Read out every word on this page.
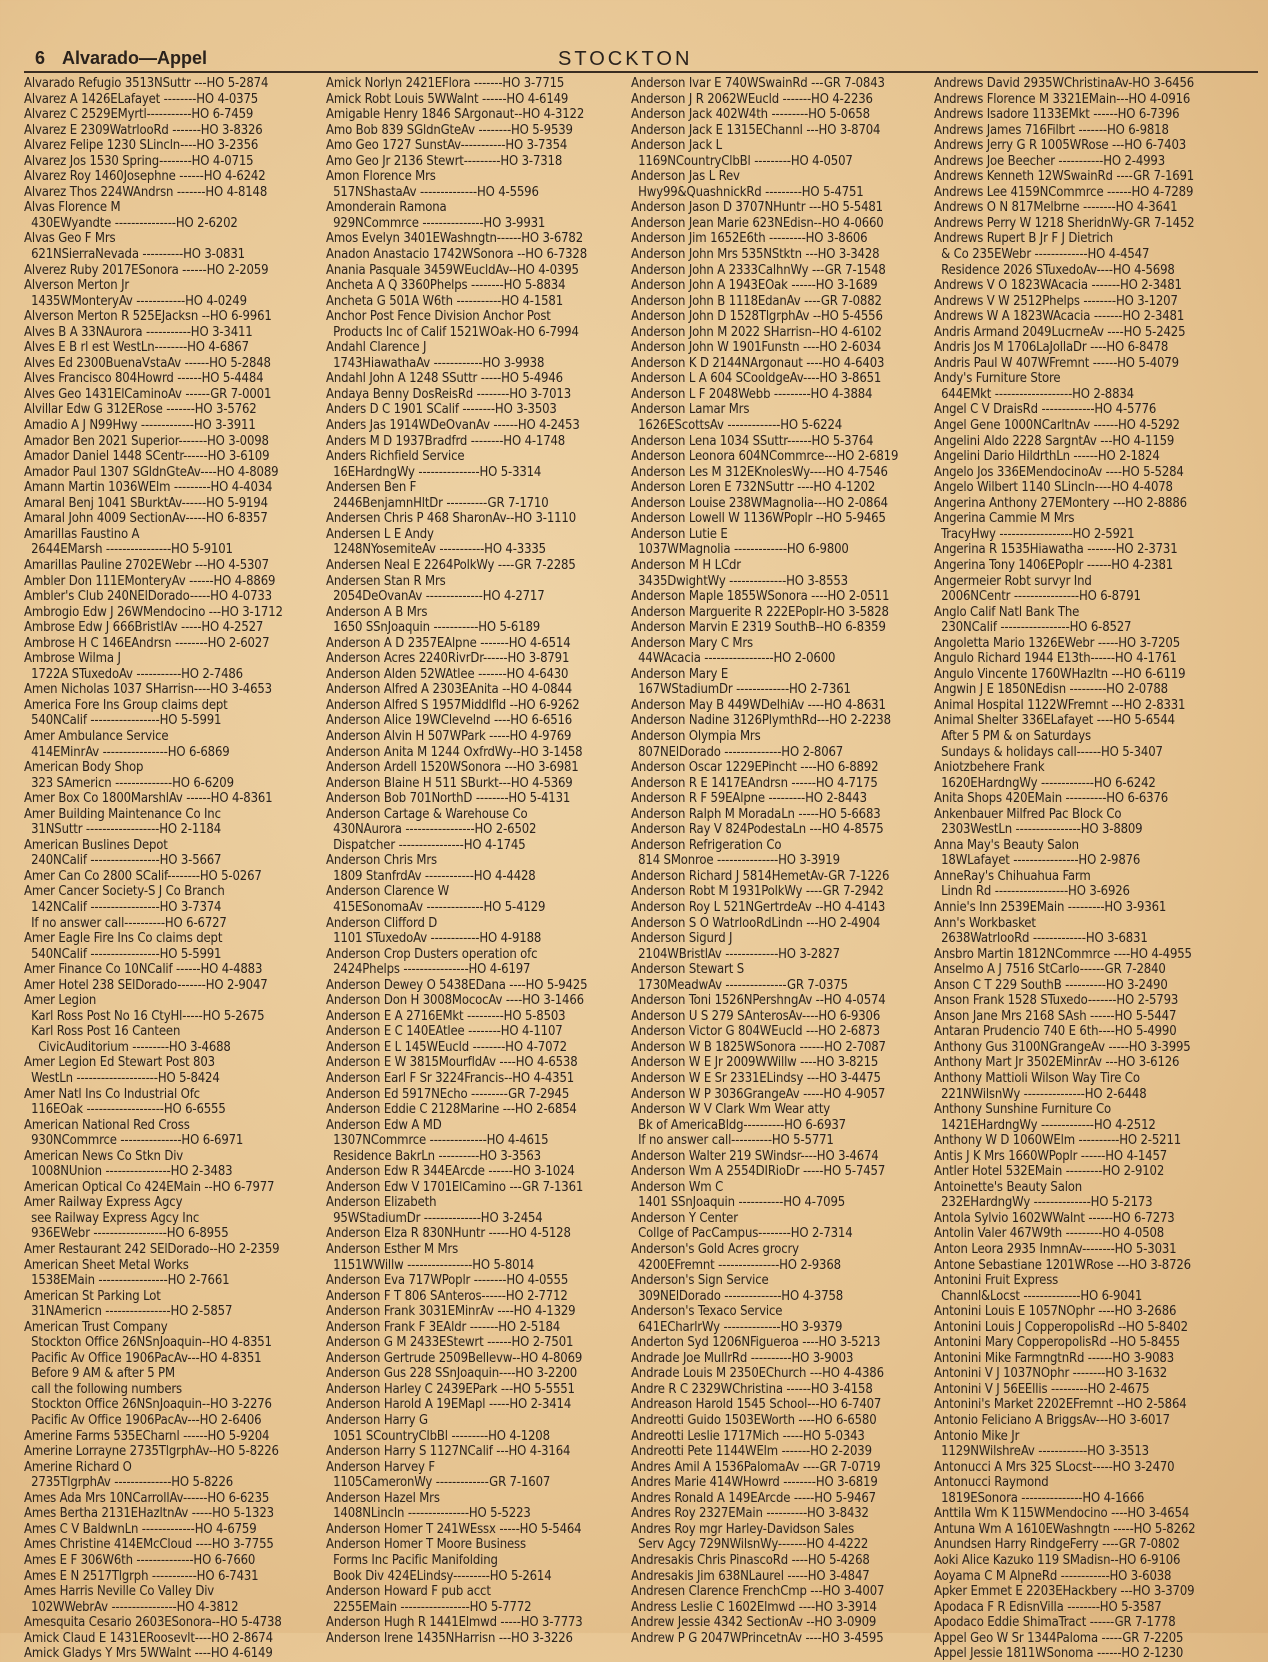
6 Alvarado—Appel	STOCKTON
Alvarado Refugio 3513NSuttr ---HO 5-2874
Alvarez A 1426ELafayet --------HO 4-0375
Alvarez C 2529EMyrtl-----------HO 6-7459
Alvarez E 2309WatrlooRd -------HO 3-8326
Alvarez Felipe 1230 SLincln----HO 3-2356
Alvarez Jos 1530 Spring--------HO 4-0715
Alvarez Roy 1460Josephne ------HO 4-6242
Alvarez Thos 224WAndrsn -------HO 4-8148
Alvas Florence M
430EWyandte ---------------HO 2-6202
Alvas Geo F Mrs
621NSierraNevada ----------HO 3-0831
Alverez Ruby 2017ESonora ------HO 2-2059
Alverson Merton Jr
1435WMonteryAv ------------HO 4-0249
Alverson Merton R 525EJacksn --HO 6-9961
Alves B A 33NAurora -----------HO 3-3411
Alves E B rl est WestLn--------HO 4-6867
Alves Ed 2300BuenaVstaAv ------HO 5-2848
Alves Francisco 804Howrd ------HO 5-4484
Alves Geo 1431ElCaminoAv ------GR 7-0001
Alvillar Edw G 312ERose -------HO 3-5762
Amadio A J N99Hwy -------------HO 3-3911
Amador Ben 2021 Superior-------HO 3-0098
Amador Daniel 1448 SCentr------HO 3-6109
Amador Paul 1307 SGldnGteAv----HO 4-8089
Amann Martin 1036WElm ---------HO 4-4034
Amaral Benj 1041 SBurktAv------HO 5-9194
Amaral John 4009 SectionAv-----HO 6-8357
Amarillas Faustino A
2644EMarsh ----------------HO 5-9101
Amarillas Pauline 2702EWebr ---HO 4-5307
Ambler Don 111EMonteryAv ------HO 4-8869
Ambler's Club 240NElDorado-----HO 4-0733
Ambrogio Edw J 26WMendocino ---HO 3-1712
Ambrose Edw J 666BristlAv -----HO 4-2527
Ambrose H C 146EAndrsn --------HO 2-6027
Ambrose Wilma J
1722A STuxedoAv -----------HO 2-7486
Amen Nicholas 1037 SHarrisn----HO 3-4653
America Fore Ins Group claims dept
540NCalif -----------------HO 5-5991
Amer Ambulance Service
414EMinrAv ----------------HO 6-6869
American Body Shop
323 SAmericn --------------HO 6-6209
Amer Box Co 1800MarshlAv ------HO 4-8361
Amer Building Maintenance Co Inc
31NSuttr ------------------HO 2-1184
American Buslines Depot
240NCalif -----------------HO 3-5667
Amer Can Co 2800 SCalif--------HO 5-0267
Amer Cancer Society-S J Co Branch
142NCalif -----------------HO 3-7374
If no answer call----------HO 6-6727
Amer Eagle Fire Ins Co claims dept
540NCalif -----------------HO 5-5991
Amer Finance Co 10NCalif ------HO 4-4883
Amer Hotel 238 SElDorado-------HO 2-9047
Amer Legion
Karl Ross Post No 16 CtyHl-----HO 5-2675
Karl Ross Post 16 Canteen
CivicAuditorium ---------HO 3-4688
Amer Legion Ed Stewart Post 803
WestLn --------------------HO 5-8424
Amer Natl Ins Co Industrial Ofc
116EOak -------------------HO 6-6555
American National Red Cross
930NCommrce ---------------HO 6-6971
American News Co Stkn Div
1008NUnion ----------------HO 2-3483
American Optical Co 424EMain --HO 6-7977
Amer Railway Express Agcy
see Railway Express Agcy Inc
936EWebr ------------------HO 6-8955
Amer Restaurant 242 SElDorado--HO 2-2359
American Sheet Metal Works
1538EMain -----------------HO 2-7661
American St Parking Lot
31NAmericn ----------------HO 2-5857
American Trust Company
Stockton Office 26NSnJoaquin--HO 4-8351
Pacific Av Office 1906PacAv---HO 4-8351
Before 9 AM & after 5 PM
call the following numbers
Stockton Office 26NSnJoaquin--HO 3-2276
Pacific Av Office 1906PacAv---HO 2-6406
Amerine Farms 535ECharnl ------HO 5-9204
Amerine Lorrayne 2735TlgrphAv--HO 5-8226
Amerine Richard O
2735TlgrphAv --------------HO 5-8226
Ames Ada Mrs 10NCarrollAv------HO 6-6235
Ames Bertha 2131EHazltnAv -----HO 5-1323
Ames C V BaldwnLn -------------HO 4-6759
Ames Christine 414EMcCloud ----HO 3-7755
Ames E F 306W6th --------------HO 6-7660
Ames E N 2517Tlgrph -----------HO 6-7431
Ames Harris Neville Co Valley Div
102WWebrAv ----------------HO 4-3812
Amesquita Cesario 2603ESonora--HO 5-4738
Amick Claud E 1431ERoosevlt----HO 2-8674
Amick Gladys Y Mrs 5WWalnt ----HO 4-6149
Amick Norlyn 2421EFlora -------HO 3-7715
Amick Robt Louis 5WWalnt ------HO 4-6149
Amigable Henry 1846 SArgonaut--HO 4-3122
Amo Bob 839 SGldnGteAv --------HO 5-9539
Amo Geo 1727 SunstAv-----------HO 3-7354
Amo Geo Jr 2136 Stewrt---------HO 3-7318
Amon Florence Mrs
517NShastaAv --------------HO 4-5596
Amonderain Ramona
929NCommrce ---------------HO 3-9931
Amos Evelyn 3401EWashngtn------HO 3-6782
Anadon Anastacio 1742WSonora --HO 6-7328
Anania Pasquale 3459WEucldAv--HO 4-0395
Ancheta A Q 3360Phelps --------HO 5-8834
Ancheta G 501A W6th -----------HO 4-1581
Anchor Post Fence Division Anchor Post
Products Inc of Calif 1521WOak-HO 6-7994
Andahl Clarence J
1743HiawathaAv ------------HO 3-9938
Andahl John A 1248 SSuttr -----HO 5-4946
Andaya Benny DosReisRd --------HO 3-7013
Anders D C 1901 SCalif --------HO 3-3503
Anders Jas 1914WDeOvanAv ------HO 4-2453
Anders M D 1937Bradfrd --------HO 4-1748
Anders Richfield Service
16EHardngWy ---------------HO 5-3314
Andersen Ben F
2446BenjamnHltDr ----------GR 7-1710
Andersen Chris P 468 SharonAv--HO 3-1110
Andersen L E Andy
1248NYosemiteAv -----------HO 4-3335
Andersen Neal E 2264PolkWy ----GR 7-2285
Andersen Stan R Mrs
2054DeOvanAv --------------HO 4-2717
Anderson A B Mrs
1650 SSnJoaquin -----------HO 5-6189
Anderson A D 2357EAlpne -------HO 4-6514
Anderson Acres 2240RivrDr------HO 3-8791
Anderson Alden 52WAtlee -------HO 4-6430
Anderson Alfred A 2303EAnita --HO 4-0844
Anderson Alfred S 1957Middlfld --HO 6-9262
Anderson Alice 19WClevelnd ----HO 6-6516
Anderson Alvin H 507WPark -----HO 4-9769
Anderson Anita M 1244 OxfrdWy--HO 3-1458
Anderson Ardell 1520WSonora ---HO 3-6981
Anderson Blaine H 511 SBurkt---HO 4-5369
Anderson Bob 701NorthD --------HO 5-4131
Anderson Cartage & Warehouse Co
430NAurora -----------------HO 2-6502
Dispatcher ----------------HO 4-1745
Anderson Chris Mrs
1809 StanfrdAv ------------HO 4-4428
Anderson Clarence W
415ESonomaAv --------------HO 5-4129
Anderson Clifford D
1101 STuxedoAv ------------HO 4-9188
Anderson Crop Dusters operation ofc
2424Phelps ----------------HO 4-6197
Anderson Dewey O 5438EDana ----HO 5-9425
Anderson Don H 3008MococAv ----HO 3-1466
Anderson E A 2716EMkt ---------HO 5-8503
Anderson E C 140EAtlee --------HO 4-1107
Anderson E L 145WEucld --------HO 4-7072
Anderson E W 3815MourfldAv ----HO 4-6538
Anderson Earl F Sr 3224Francis--HO 4-4351
Anderson Ed 5917NEcho ---------GR 7-2945
Anderson Eddie C 2128Marine ---HO 2-6854
Anderson Edw A MD
1307NCommrce --------------HO 4-4615
Residence BakrLn ----------HO 3-3563
Anderson Edw R 344EArcde ------HO 3-1024
Anderson Edw V 1701ElCamino ---GR 7-1361
Anderson Elizabeth
95WStadiumDr --------------HO 3-2454
Anderson Elza R 830NHuntr -----HO 4-5128
Anderson Esther M Mrs
1151WWillw ----------------HO 5-8014
Anderson Eva 717WPoplr --------HO 4-0555
Anderson F T 806 SAnteros------HO 2-7712
Anderson Frank 3031EMinrAv ----HO 4-1329
Anderson Frank F 3EAldr -------HO 2-5184
Anderson G M 2433EStewrt ------HO 2-7501
Anderson Gertrude 2509Bellevw--HO 4-8069
Anderson Gus 228 SSnJoaquin----HO 3-2200
Anderson Harley C 2439EPark ---HO 5-5551
Anderson Harold A 19EMapl -----HO 2-3414
Anderson Harry G
1051 SCountryClbBl ---------HO 4-1208
Anderson Harry S 1127NCalif ---HO 4-3164
Anderson Harvey F
1105CameronWy -------------GR 7-1607
Anderson Hazel Mrs
1408NLincln ---------------HO 5-5223
Anderson Homer T 241WEssx -----HO 5-5464
Anderson Homer T Moore Business
Forms Inc Pacific Manifolding
Book Div 424ELindsy---------HO 5-2614
Anderson Howard F pub acct
2255EMain -----------------HO 5-7772
Anderson Hugh R 1441Elmwd -----HO 3-7773
Anderson Irene 1435NHarrisn ---HO 3-3226
Anderson Ivar E 740WSwainRd ---GR 7-0843
Anderson J R 2062WEucld -------HO 4-2236
Anderson Jack 402W4th ---------HO 5-0658
Anderson Jack E 1315EChannl ---HO 3-8704
Anderson Jack L
1169NCountryClbBl ---------HO 4-0507
Anderson Jas L Rev
Hwy99&QuashnickRd ---------HO 5-4751
Anderson Jason D 3707NHuntr ---HO 5-5481
Anderson Jean Marie 623NEdisn--HO 4-0660
Anderson Jim 1652E6th ---------HO 3-8606
Anderson John Mrs 535NStktn ---HO 3-3428
Anderson John A 2333CalhnWy ---GR 7-1548
Anderson John A 1943EOak ------HO 3-1689
Anderson John B 1118EdanAv ----GR 7-0882
Anderson John D 1528TlgrphAv --HO 5-4556
Anderson John M 2022 SHarrisn--HO 4-6102
Anderson John W 1901Funstn ----HO 2-6034
Anderson K D 2144NArgonaut ----HO 4-6403
Anderson L A 604 SCooldgeAv----HO 3-8651
Anderson L F 2048Webb ---------HO 4-3884
Anderson Lamar Mrs
1626EScottsAv -------------HO 5-6224
Anderson Lena 1034 SSuttr------HO 5-3764
Anderson Leonora 604NCommrce---HO 2-6819
Anderson Les M 312EKnolesWy----HO 4-7546
Anderson Loren E 732NSuttr ----HO 4-1202
Anderson Louise 238WMagnolia---HO 2-0864
Anderson Lowell W 1136WPoplr --HO 5-9465
Anderson Lutie E
1037WMagnolia -------------HO 6-9800
Anderson M H LCdr
3435DwightWy --------------HO 3-8553
Anderson Maple 1855WSonora ----HO 2-0511
Anderson Marguerite R 222EPoplr-HO 3-5828
Anderson Marvin E 2319 SouthB--HO 6-8359
Anderson Mary C Mrs
44WAcacia -----------------HO 2-0600
Anderson Mary E
167WStadiumDr -------------HO 2-7361
Anderson May B 449WDelhiAv ----HO 4-8631
Anderson Nadine 3126PlymthRd---HO 2-2238
Anderson Olympia Mrs
807NElDorado --------------HO 2-8067
Anderson Oscar 1229EPincht ----HO 6-8892
Anderson R E 1417EAndrsn ------HO 4-7175
Anderson R F 59EAlpne ---------HO 2-8443
Anderson Ralph M MoradaLn -----HO 5-6683
Anderson Ray V 824PodestaLn ---HO 4-8575
Anderson Refrigeration Co
814 SMonroe ---------------HO 3-3919
Anderson Richard J 5814HemetAv-GR 7-1226
Anderson Robt M 1931PolkWy ----GR 7-2942
Anderson Roy L 521NGertrdeAv --HO 4-4143
Anderson S O WatrlooRdLindn ---HO 2-4904
Anderson Sigurd J
2104WBristlAv -------------HO 3-2827
Anderson Stewart S
1730MeadwAv ---------------GR 7-0375
Anderson Toni 1526NPershngAv --HO 4-0574
Anderson U S 279 SAnterosAv----HO 6-9306
Anderson Victor G 804WEucld ---HO 2-6873
Anderson W B 1825WSonora ------HO 2-7087
Anderson W E Jr 2009WWillw ----HO 3-8215
Anderson W E Sr 2331ELindsy ---HO 3-4475
Anderson W P 3036GrangeAv -----HO 4-9057
Anderson W V Clark Wm Wear atty
Bk of AmericaBldg----------HO 6-6937
If no answer call----------HO 5-5771
Anderson Walter 219 SWindsr----HO 3-4674
Anderson Wm A 2554DIRioDr -----HO 5-7457
Anderson Wm C
1401 SSnJoaquin -----------HO 4-7095
Anderson Y Center
Collge of PacCampus--------HO 2-7314
Anderson's Gold Acres grocry
4200EFremnt ---------------HO 2-9368
Anderson's Sign Service
309NElDorado --------------HO 4-3758
Anderson's Texaco Service
641ECharlrWy --------------HO 3-9379
Anderton Syd 1206NFigueroa ----HO 3-5213
Andrade Joe MullrRd ----------HO 3-9003
Andrade Louis M 2350EChurch ---HO 4-4386
Andre R C 2329WChristina ------HO 3-4158
Andreason Harold 1545 School---HO 6-7407
Andreotti Guido 1503EWorth ----HO 6-6580
Andreotti Leslie 1717Mich -----HO 5-0343
Andreotti Pete 1144WElm -------HO 2-2039
Andres Amil A 1536PalomaAv ----GR 7-0719
Andres Marie 414WHowrd --------HO 3-6819
Andres Ronald A 149EArcde -----HO 5-9467
Andres Roy 2327EMain ----------HO 3-8432
Andres Roy mgr Harley-Davidson Sales
Serv Agcy 729NWilsnWy-------HO 4-4222
Andresakis Chris PinascoRd ----HO 5-4268
Andresakis Jim 638NLaurel -----HO 3-4847
Andresen Clarence FrenchCmp ---HO 3-4007
Andress Leslie C 1602Elmwd ----HO 3-3914
Andrew Jessie 4342 SectionAv --HO 3-0909
Andrew P G 2047WPrincetnAv ----HO 3-4595
Andrews David 2935WChristinaAv-HO 3-6456
Andrews Florence M 3321EMain---HO 4-0916
Andrews Isadore 1133EMkt ------HO 6-7396
Andrews James 716Filbrt -------HO 6-9818
Andrews Jerry G R 1005WRose ---HO 6-7403
Andrews Joe Beecher -----------HO 2-4993
Andrews Kenneth 12WSwainRd ----GR 7-1691
Andrews Lee 4159NCommrce ------HO 4-7289
Andrews O N 817Melbrne --------HO 4-3641
Andrews Perry W 1218 SheridnWy-GR 7-1452
Andrews Rupert B Jr F J Dietrich
& Co 235EWebr -------------HO 4-4547
Residence 2026 STuxedoAv----HO 4-5698
Andrews V O 1823WAcacia -------HO 2-3481
Andrews V W 2512Phelps --------HO 3-1207
Andrews W A 1823WAcacia -------HO 2-3481
Andris Armand 2049LucrneAv ----HO 5-2425
Andris Jos M 1706LaJollaDr ----HO 6-8478
Andris Paul W 407WFremnt ------HO 5-4079
Andy's Furniture Store
644EMkt -------------------HO 2-8834
Angel C V DraisRd -------------HO 4-5776
Angel Gene 1000NCarltnAv ------HO 4-5292
Angelini Aldo 2228 SargntAv ---HO 4-1159
Angelini Dario HildrthLn ------HO 2-1824
Angelo Jos 336EMendocinoAv ----HO 5-5284
Angelo Wilbert 1140 SLincln----HO 4-4078
Angerina Anthony 27EMontery ---HO 2-8886
Angerina Cammie M Mrs
TracyHwy ------------------HO 2-5921
Angerina R 1535Hiawatha -------HO 2-3731
Angerina Tony 1406EPoplr ------HO 4-2381
Angermeier Robt survyr Ind
2006NCentr ----------------HO 6-8791
Anglo Calif Natl Bank The
230NCalif -----------------HO 6-8527
Angoletta Mario 1326EWebr -----HO 3-7205
Angulo Richard 1944 E13th------HO 4-1761
Angulo Vincente 1760WHazltn ---HO 6-6119
Angwin J E 1850NEdisn ---------HO 2-0788
Animal Hospital 1122WFremnt ---HO 2-8331
Animal Shelter 336ELafayet ----HO 5-6544
After 5 PM & on Saturdays
Sundays & holidays call------HO 5-3407
Aniotzbehere Frank
1620EHardngWy -------------HO 6-6242
Anita Shops 420EMain ----------HO 6-6376
Ankenbauer Milfred Pac Block Co
2303WestLn ----------------HO 3-8809
Anna May's Beauty Salon
18WLafayet ----------------HO 2-9876
AnneRay's Chihuahua Farm
Lindn Rd ------------------HO 3-6926
Annie's Inn 2539EMain ---------HO 3-9361
Ann's Workbasket
2638WatrlooRd -------------HO 3-6831
Ansbro Martin 1812NCommrce ----HO 4-4955
Anselmo A J 7516 StCarlo------GR 7-2840
Anson C T 229 SouthB ----------HO 3-2490
Anson Frank 1528 STuxedo-------HO 2-5793
Anson Jane Mrs 2168 SAsh ------HO 5-5447
Antaran Prudencio 740 E 6th----HO 5-4990
Anthony Gus 3100NGrangeAv -----HO 3-3995
Anthony Mart Jr 3502EMinrAv ---HO 3-6126
Anthony Mattioli Wilson Way Tire Co
221NWilsnWy ---------------HO 2-6448
Anthony Sunshine Furniture Co
1421EHardngWy -------------HO 4-2512
Anthony W D 1060WElm ----------HO 2-5211
Antis J K Mrs 1660WPoplr ------HO 4-1457
Antler Hotel 532EMain ---------HO 2-9102
Antoinette's Beauty Salon
232EHardngWy --------------HO 5-2173
Antola Sylvio 1602WWalnt ------HO 6-7273
Antolin Valer 467W9th ---------HO 4-0508
Anton Leora 2935 InmnAv--------HO 5-3031
Antone Sebastiane 1201WRose ---HO 3-8726
Antonini Fruit Express
Channl&Locst --------------HO 6-9041
Antonini Louis E 1057NOphr ----HO 3-2686
Antonini Louis J CopperopolisRd --HO 5-8402
Antonini Mary CopperopolisRd --HO 5-8455
Antonini Mike FarmngtnRd ------HO 3-9083
Antonini V J 1037NOphr --------HO 3-1632
Antonini V J 56EEllis ---------HO 2-4675
Antonini's Market 2202EFremnt --HO 2-5864
Antonio Feliciano A BriggsAv---HO 3-6017
Antonio Mike Jr
1129NWilshreAv ------------HO 3-3513
Antonucci A Mrs 325 SLocst-----HO 3-2470
Antonucci Raymond
1819ESonora ---------------HO 4-1666
Anttila Wm K 115WMendocino ----HO 3-4654
Antuna Wm A 1610EWashngtn -----HO 5-8262
Anundsen Harry RindgeFerry ----GR 7-0802
Aoki Alice Kazuko 119 SMadisn--HO 6-9106
Aoyama C M AlpneRd ------------HO 3-6038
Apker Emmet E 2203EHackbery ---HO 3-3709
Apodaca F R EdisnVilla --------HO 5-3587
Apodaco Eddie ShimaTract ------GR 7-1778
Appel Geo W Sr 1344Paloma -----GR 7-2205
Appel Jessie 1811WSonoma ------HO 2-1230
